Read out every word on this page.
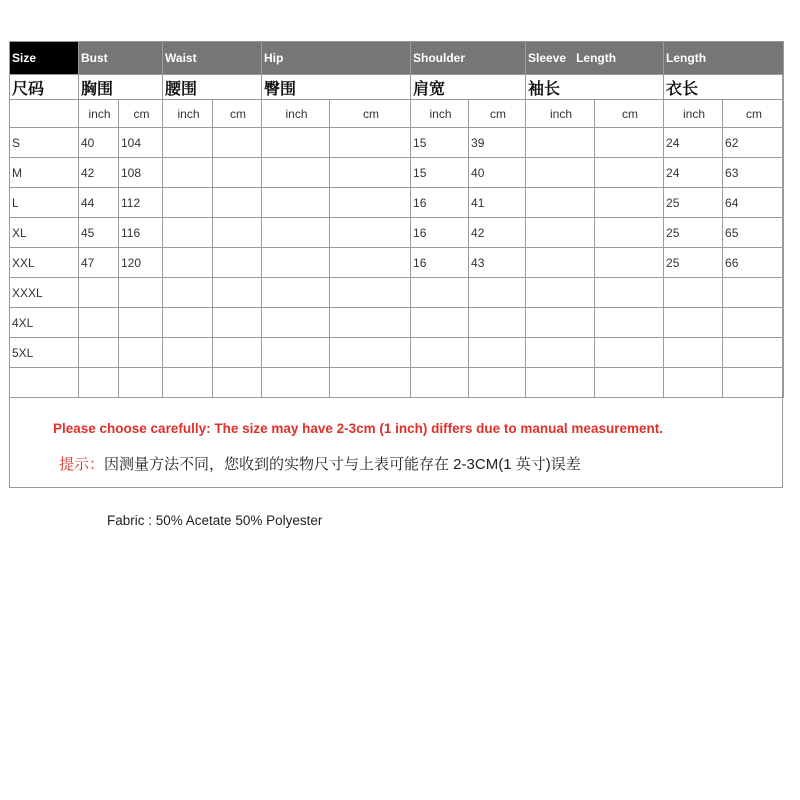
Size	Bust		Waist		Hip		Shoulder		Sleeve   Length		Length	
尺码	胸围		腰围		臀围		肩宽		袖长		衣长	
	inch	cm	inch	cm	inch	cm	inch	cm	inch	cm	inch	cm
S	40	104					15	39			24	62
M	42	108					15	40			24	63
L	44	112					16	41			25	64
XL	45	116					16	42			25	65
XXL	47	120					16	43			25	66
XXXL												
4XL												
5XL												

Please choose carefully: The size may have 2-3cm (1 inch) differs due to manual measurement.
提示：因测量方法不同，您收到的实物尺寸与上表可能存在 2-3CM(1 英寸)误差
Fabric : 50% Acetate 50% Polyester
